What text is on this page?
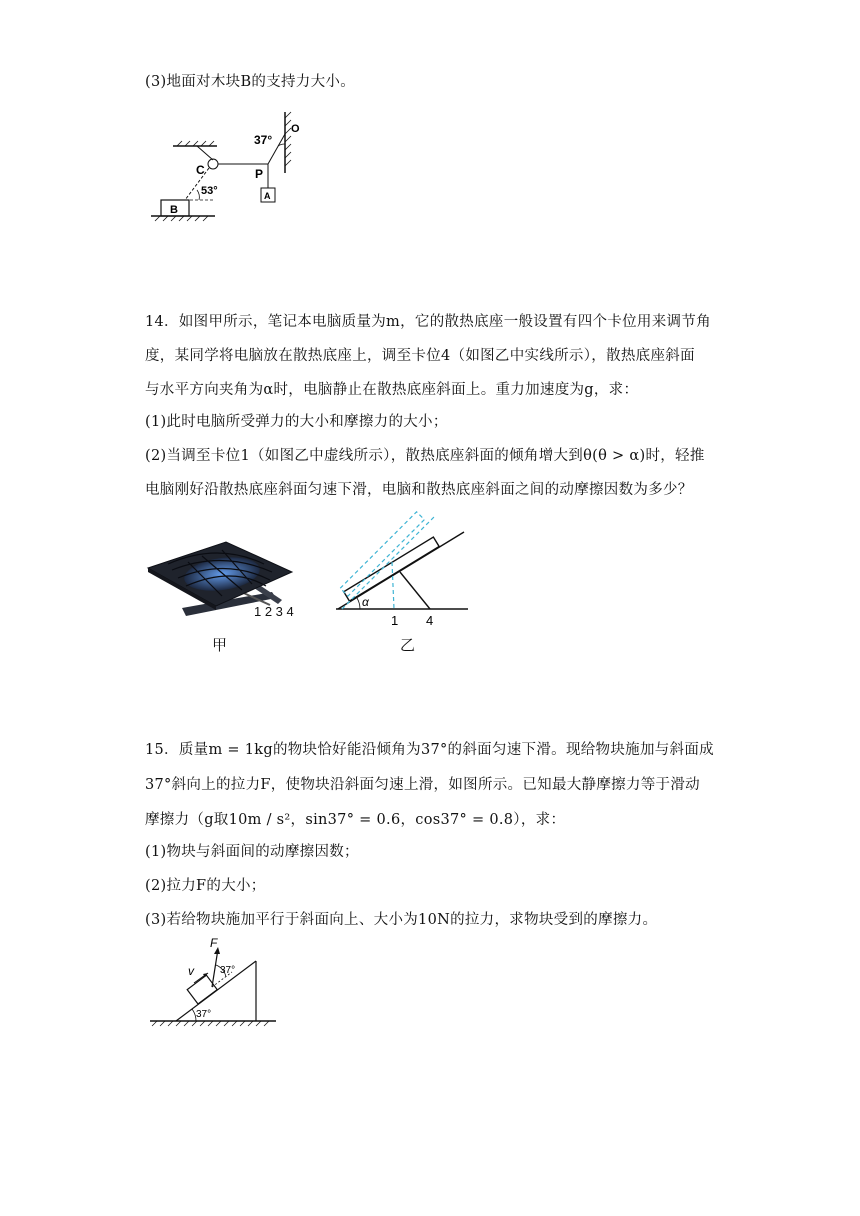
(3)地面对木块B的支持力大小。
37°
O
C	P
53°
B
A
14．如图甲所示，笔记本电脑质量为m，它的散热底座一般设置有四个卡位用来调节角
度，某同学将电脑放在散热底座上，调至卡位4（如图乙中实线所示），散热底座斜面
与水平方向夹角为α时，电脑静止在散热底座斜面上。重力加速度为g，求：
(1)此时电脑所受弹力的大小和摩擦力的大小；
(2)当调至卡位1（如图乙中虚线所示），散热底座斜面的倾角增大到θ(θ > α)时，轻推
电脑刚好沿散热底座斜面匀速下滑，电脑和散热底座斜面之间的动摩擦因数为多少？
1 2 3 4
甲
α
1 4
乙
15．质量m = 1kg的物块恰好能沿倾角为37°的斜面匀速下滑。现给物块施加与斜面成
37°斜向上的拉力F，使物块沿斜面匀速上滑，如图所示。已知最大静摩擦力等于滑动
摩擦力（g取10m / s²，sin37° = 0.6，cos37° = 0.8），求：
(1)物块与斜面间的动摩擦因数；
(2)拉力F的大小；
(3)若给物块施加平行于斜面向上、大小为10N的拉力，求物块受到的摩擦力。
F
v	37°
37°
